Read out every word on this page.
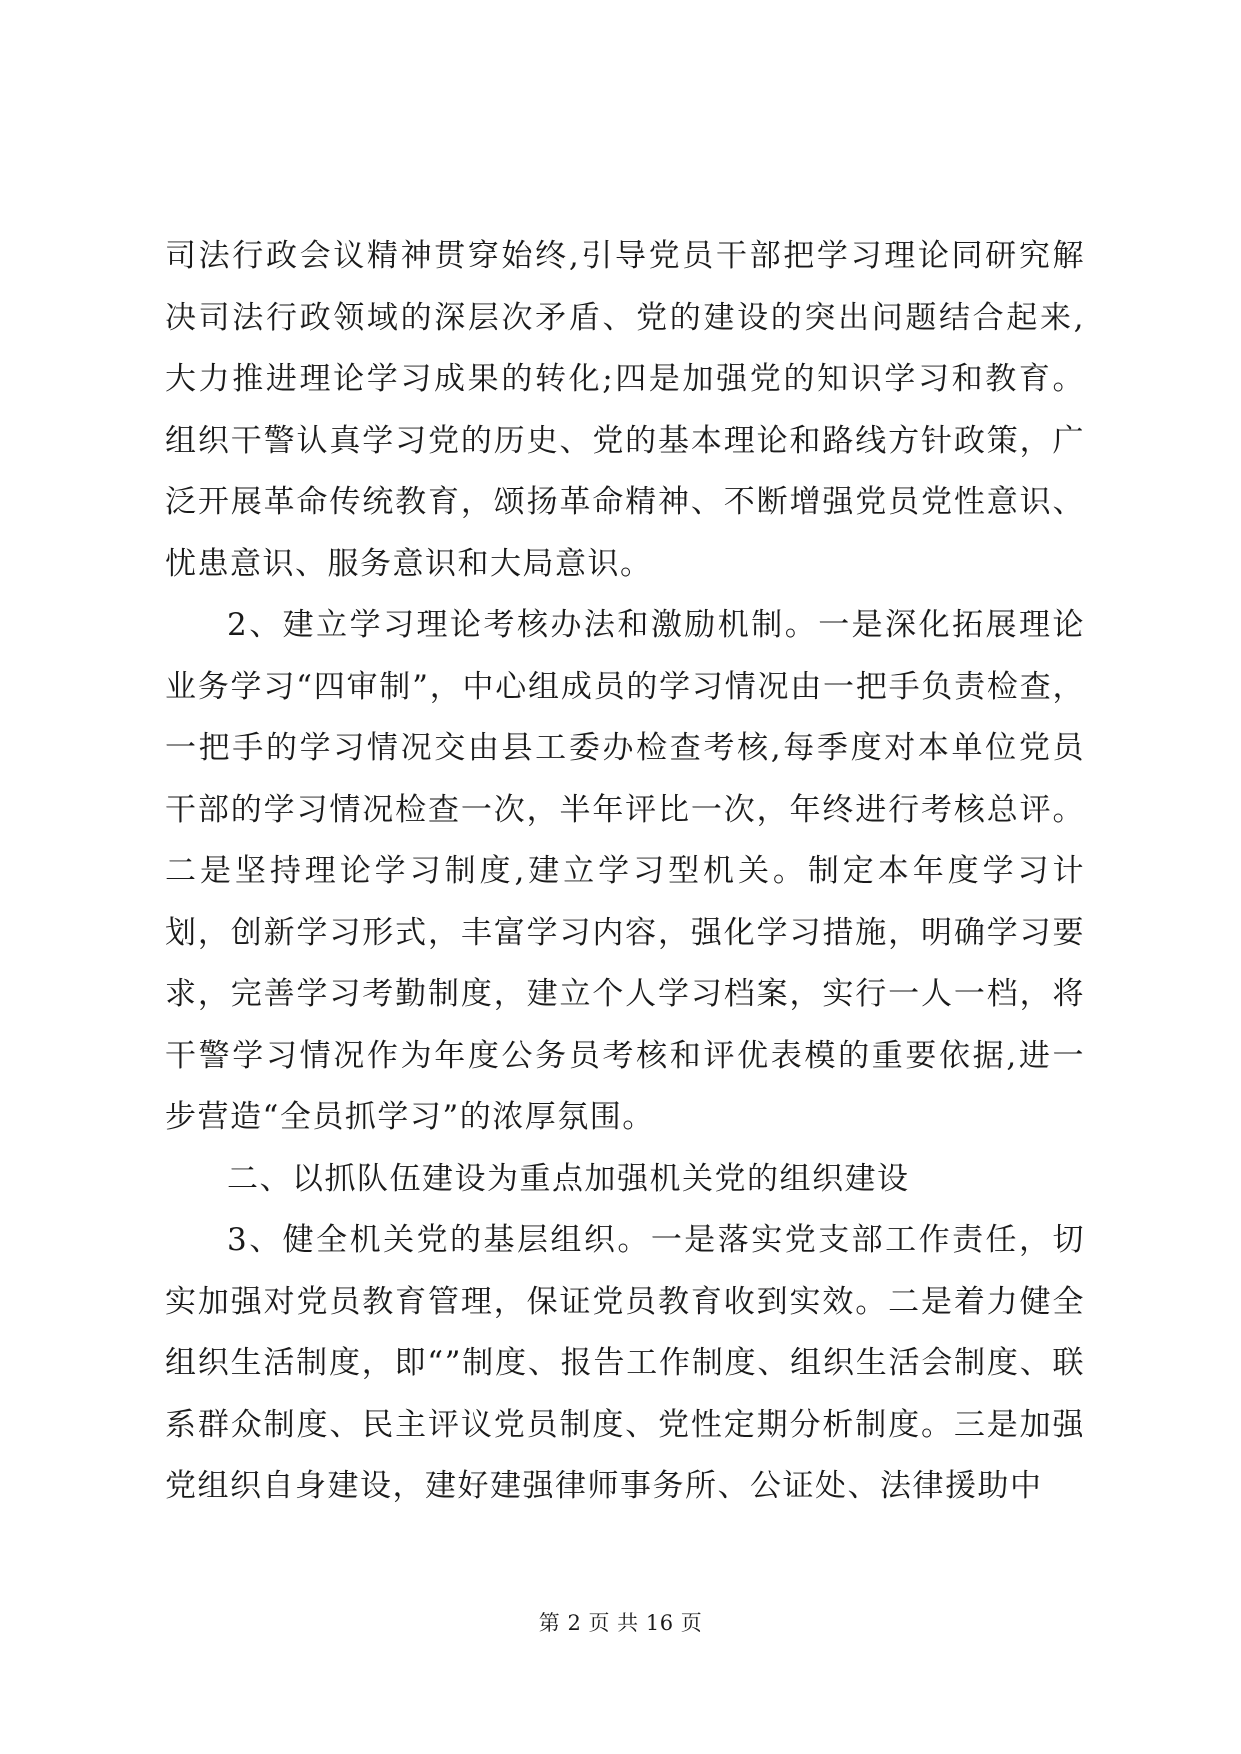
司法行政会议精神贯穿始终,引导党员干部把学习理论同研究解决司法行政领域的深层次矛盾、党的建设的突出问题结合起来,大力推进理论学习成果的转化;四是加强党的知识学习和教育。组织干警认真学习党的历史、党的基本理论和路线方针政策，广泛开展革命传统教育，颂扬革命精神、不断增强党员党性意识、忧患意识、服务意识和大局意识。

2、建立学习理论考核办法和激励机制。一是深化拓展理论业务学习“四审制”，中心组成员的学习情况由一把手负责检查，一把手的学习情况交由县工委办检查考核,每季度对本单位党员干部的学习情况检查一次，半年评比一次，年终进行考核总评。二是坚持理论学习制度,建立学习型机关。制定本年度学习计划，创新学习形式，丰富学习内容，强化学习措施，明确学习要求，完善学习考勤制度，建立个人学习档案，实行一人一档，将干警学习情况作为年度公务员考核和评优表模的重要依据,进一步营造“全员抓学习”的浓厚氛围。

二、以抓队伍建设为重点加强机关党的组织建设

3、健全机关党的基层组织。一是落实党支部工作责任，切实加强对党员教育管理，保证党员教育收到实效。二是着力健全组织生活制度，即“”制度、报告工作制度、组织生活会制度、联系群众制度、民主评议党员制度、党性定期分析制度。三是加强党组织自身建设，建好建强律师事务所、公证处、法律援助中

第 2 页 共 16 页
